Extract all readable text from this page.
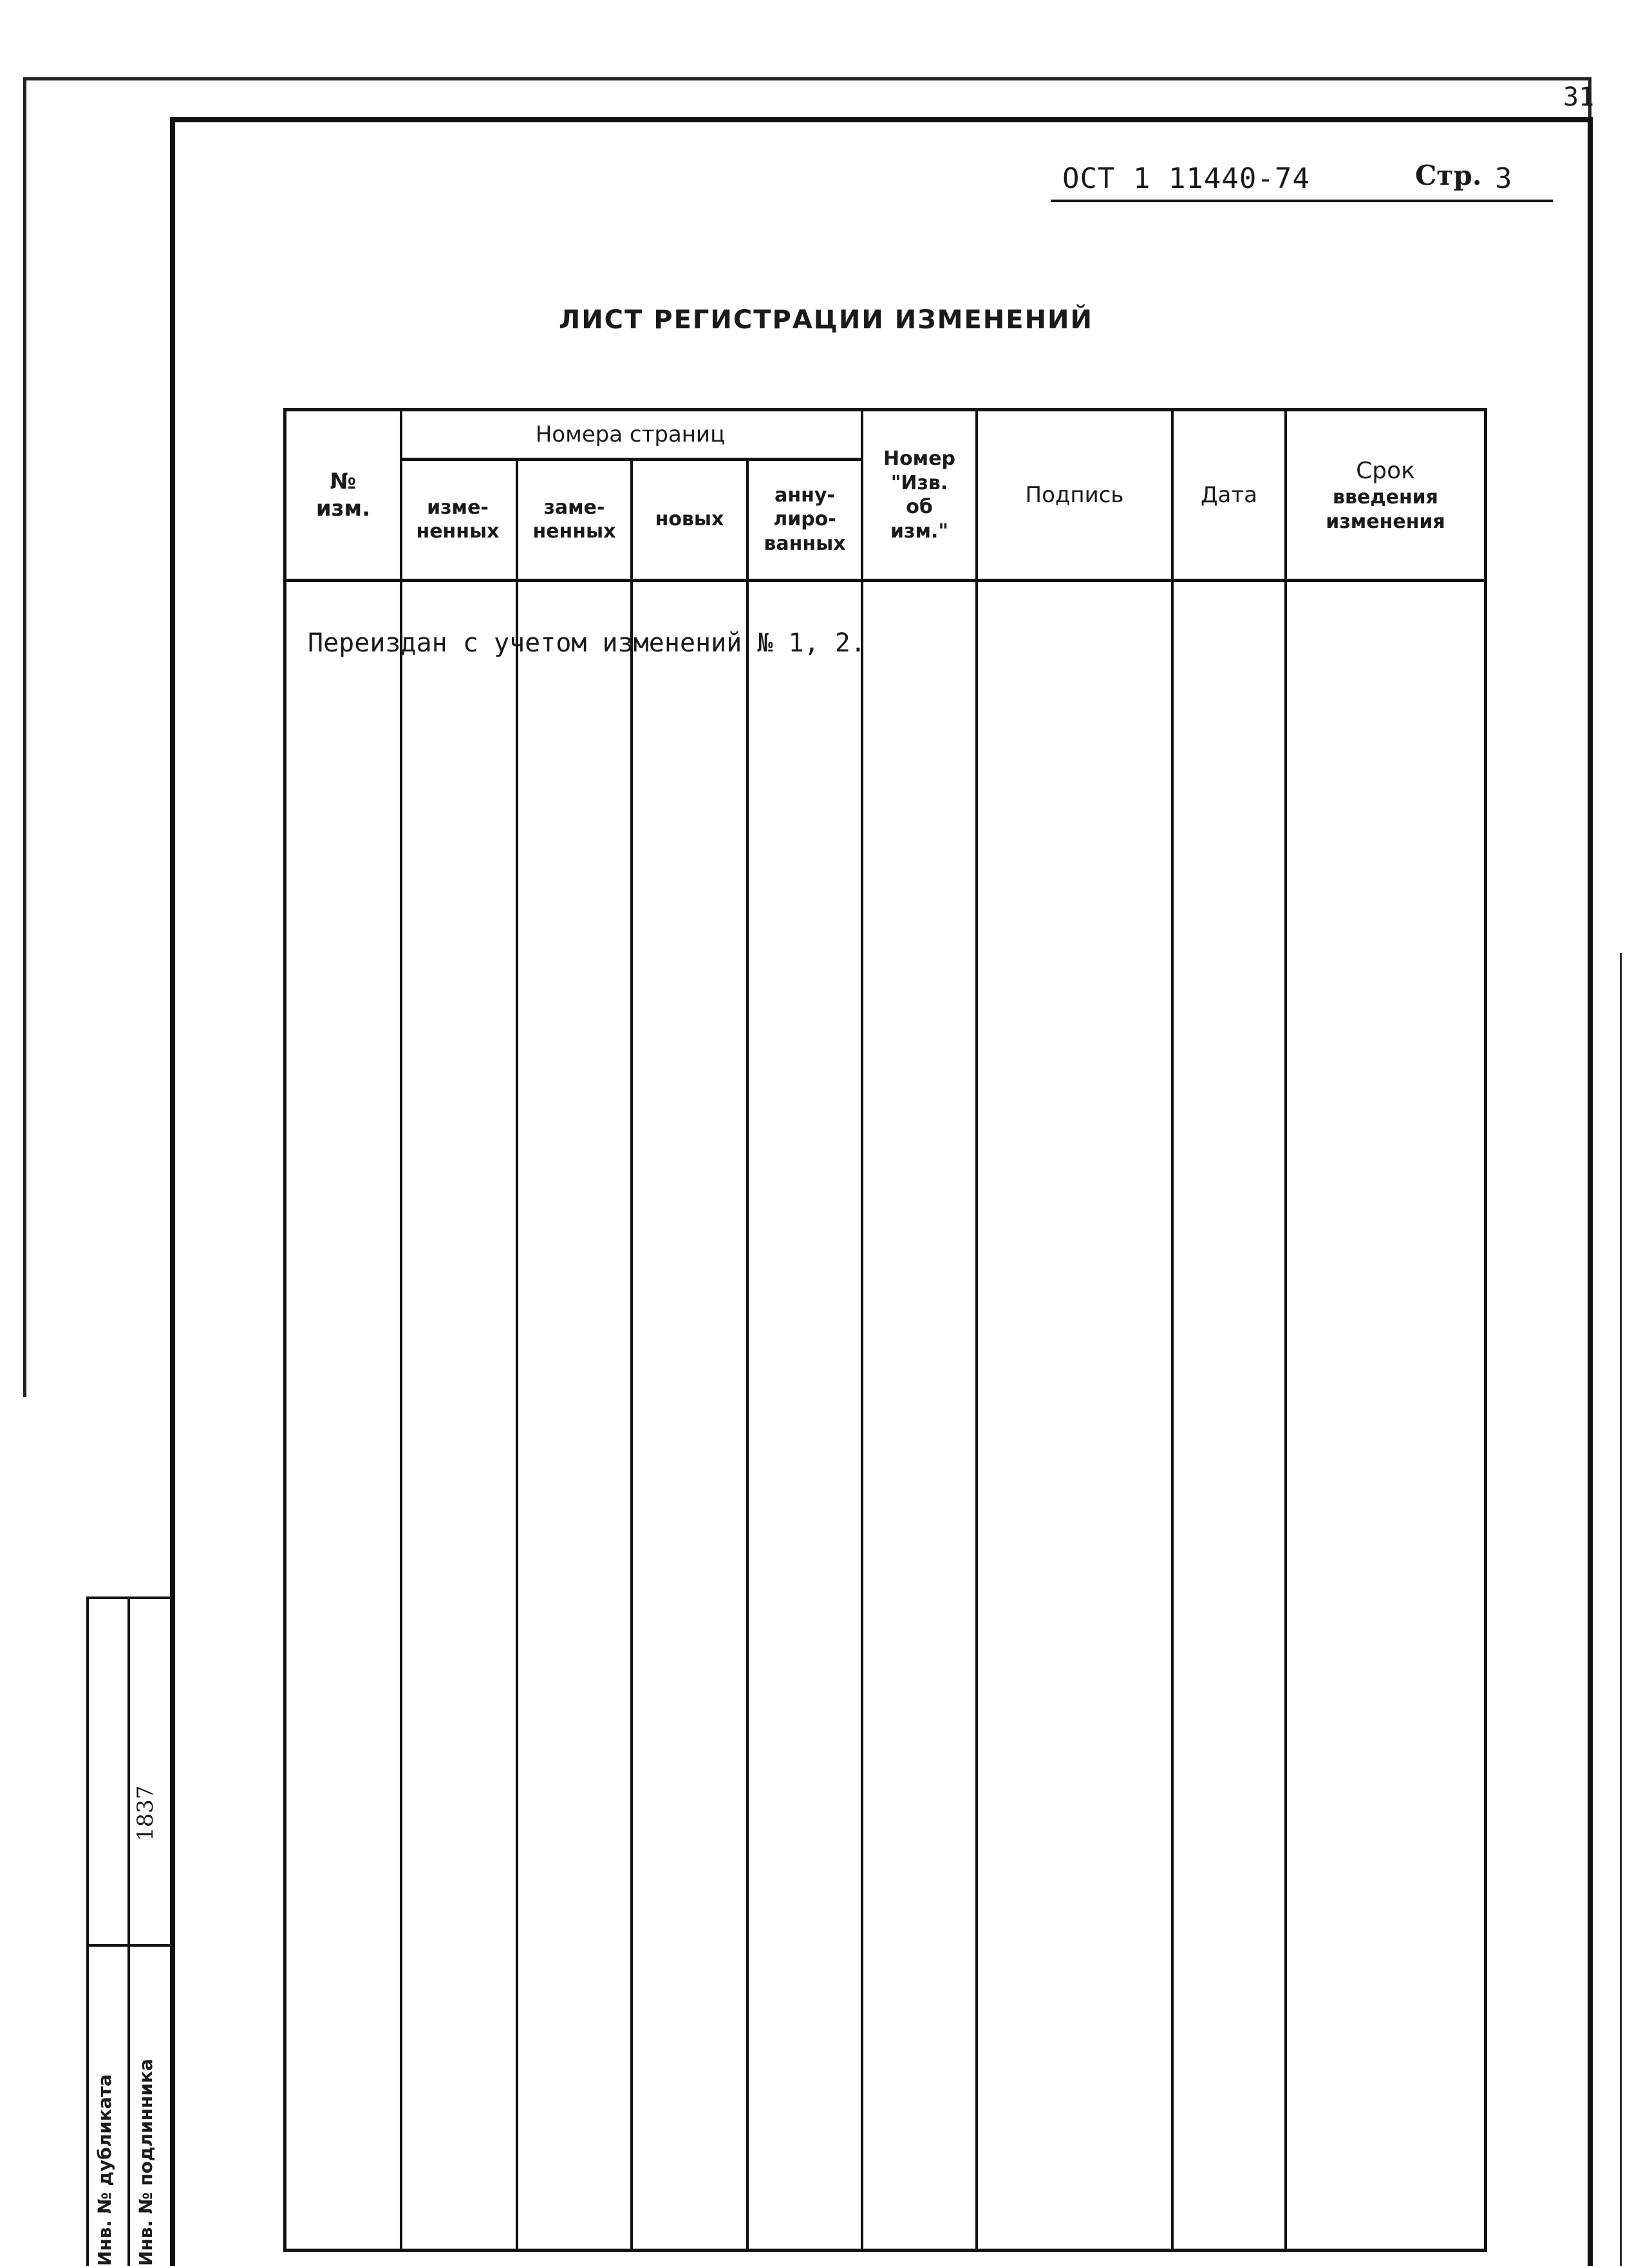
31
ОСТ 1 11440-74	Стр. 3
ЛИСТ РЕГИСТРАЦИИ ИЗМЕНЕНИЙ
№
изм.
Номера страниц
изме-
ненных
заме-
ненных
новых
анну-
лиро-
ванных
Номер
"Изв.
об
изм."
Подпись	Дата
Срок
введения
изменения
Переиздан с учетом изменений № 1, 2.
Инв. № дубликата Инв. № подлинника
1837
